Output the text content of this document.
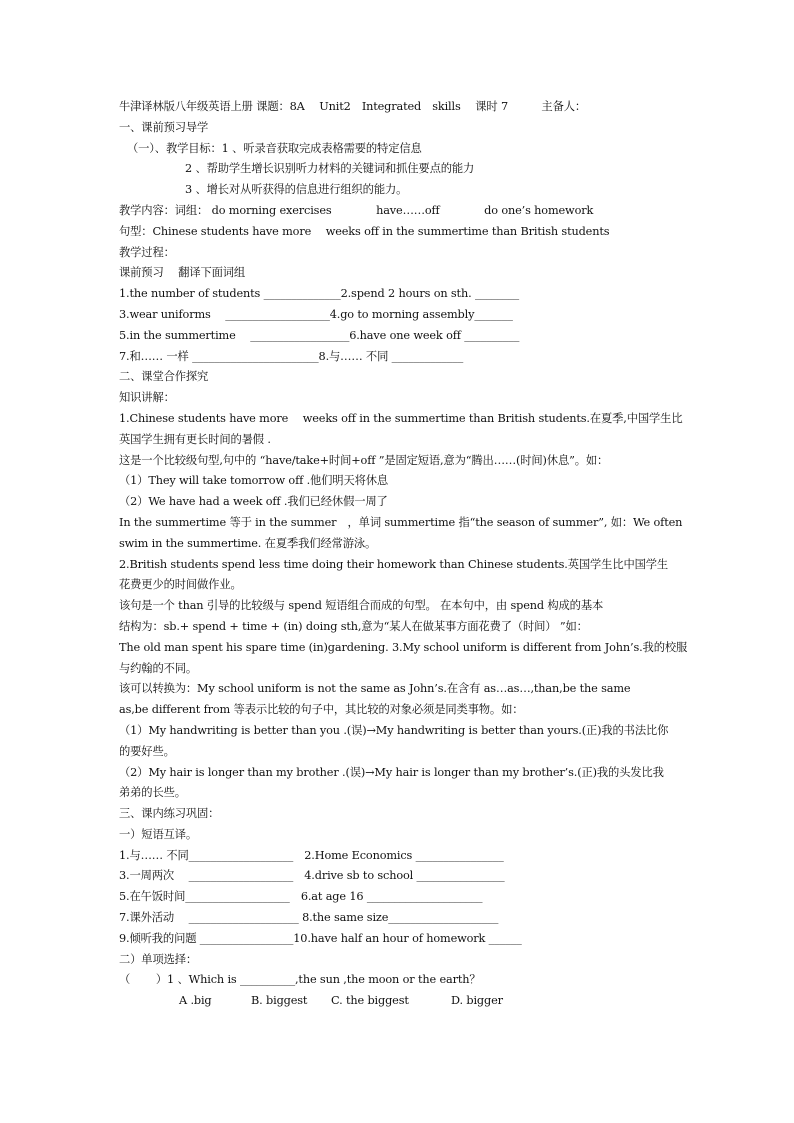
牛津译林版八年级英语上册 课题：8A　 Unit2　Integrated　skills　 课时 7　　　主备人：
一、课前预习导学
（一）、教学目标：1 、听录音获取完成表格需要的特定信息
2 、帮助学生增长识别听力材料的关键词和抓住要点的能力
3 、增长对从听获得的信息进行组织的能力。
教学内容：词组： do morning exercises　　　　have……off　　　　do one’s homework
句型：Chinese students have more　 weeks off in the summertime than British students
教学过程：
课前预习　 翻译下面词组
1.the number of students ______________2.spend 2 hours on sth. ________
3.wear uniforms　 ___________________4.go to morning assembly_______
5.in the summertime　 __________________6.have one week off __________
7.和…… 一样 _______________________8.与…… 不同 _____________
二、课堂合作探究
知识讲解：
1.Chinese students have more　 weeks off in the summertime than British students.在夏季,中国学生比
英国学生拥有更长时间的暑假 .
这是一个比较级句型,句中的 “have/take+时间+off ”是固定短语,意为“腾出……(时间)休息”。如：
（1）They will take tomorrow off .他们明天将休息
（2）We have had a week off .我们已经休假一周了
In the summertime 等于 in the summer　，单词 summertime 指“the season of summer”, 如：We often
swim in the summertime. 在夏季我们经常游泳。
2.British students spend less time doing their homework than Chinese students.英国学生比中国学生
花费更少的时间做作业。
该句是一个 than 引导的比较级与 spend 短语组合而成的句型。 在本句中，由 spend 构成的基本
结构为：sb.+ spend + time + (in) doing sth,意为“某人在做某事方面花费了（时间） ”如：
The old man spent his spare time (in)gardening. 3.My school uniform is different from John’s.我的校服
与约翰的不同。
该可以转换为：My school uniform is not the same as John’s.在含有 as…as…,than,be the same
as,be different from 等表示比较的句子中，其比较的对象必须是同类事物。如：
（1）My handwriting is better than you .(误)→My handwriting is better than yours.(正)我的书法比你
的要好些。
（2）My hair is longer than my brother .(误)→My hair is longer than my brother’s.(正)我的头发比我
弟弟的长些。
三、课内练习巩固：
一）短语互译。
1.与…… 不同___________________　2.Home Economics ________________
3.一周两次　 ___________________　4.drive sb to school ________________
5.在午饭时间___________________　6.at age 16 _____________________
7.课外活动　 ____________________ 8.the same size____________________
9.倾听我的问题 _________________10.have half an hour of homework ______
二）单项选择：
（　　 ）1 、Which is __________,the sun ,the moon or the earth？
A .big	B. biggest C. the biggest	D. bigger
